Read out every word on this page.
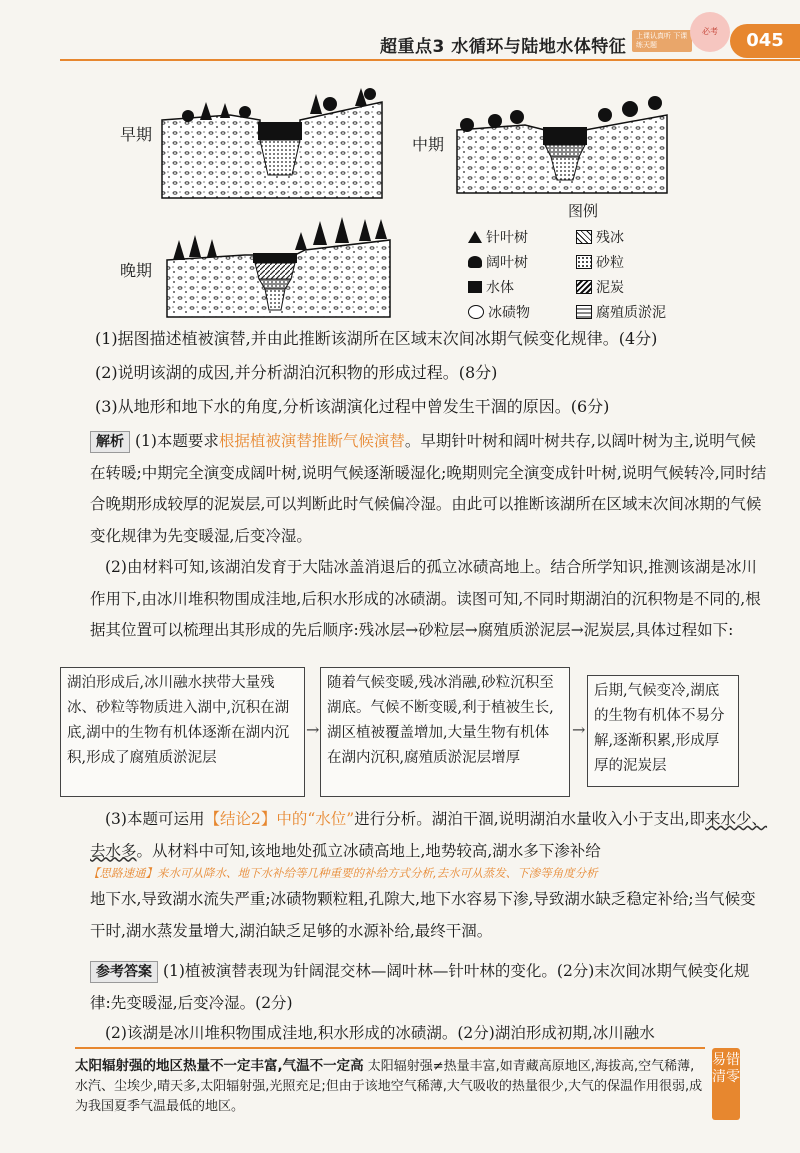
超重点3 水循环与陆地水体特征
上课认真听 下课练天题
必考	045
早期
中期
晚期
图例
针叶树	残冰
阔叶树	砂粒
水体	泥炭
冰碛物	腐殖质淤泥
(1)据图描述植被演替,并由此推断该湖所在区域末次间冰期气候变化规律。(4分)
(2)说明该湖的成因,并分析湖泊沉积物的形成过程。(8分)
(3)从地形和地下水的角度,分析该湖演化过程中曾发生干涸的原因。(6分)
解析 (1)本题要求根据植被演替推断气候演替。早期针叶树和阔叶树共存,以阔叶树为主,说明气候在转暖;中期完全演变成阔叶树,说明气候逐渐暖湿化;晚期则完全演变成针叶树,说明气候转冷,同时结合晚期形成较厚的泥炭层,可以判断此时气候偏冷湿。由此可以推断该湖所在区域末次间冰期的气候变化规律为先变暖湿,后变冷湿。
(2)由材料可知,该湖泊发育于大陆冰盖消退后的孤立冰碛高地上。结合所学知识,推测该湖是冰川作用下,由冰川堆积物围成洼地,后积水形成的冰碛湖。读图可知,不同时期湖泊的沉积物是不同的,根据其位置可以梳理出其形成的先后顺序:残冰层→砂粒层→腐殖质淤泥层→泥炭层,具体过程如下:
湖泊形成后,冰川融水挟带大量残冰、砂粒等物质进入湖中,沉积在湖底,湖中的生物有机体逐渐在湖内沉积,形成了腐殖质淤泥层
→
随着气候变暖,残冰消融,砂粒沉积至湖底。气候不断变暖,利于植被生长,湖区植被覆盖增加,大量生物有机体在湖内沉积,腐殖质淤泥层增厚
→
后期,气候变冷,湖底的生物有机体不易分解,逐渐积累,形成厚厚的泥炭层
(3)本题可运用【结论2】中的“水位”进行分析。湖泊干涸,说明湖泊水量收入小于支出,即来水少、去水多。从材料中可知,该地地处孤立冰碛高地上,地势较高,湖水多下渗补给
【思路速通】来水可从降水、地下水补给等几种重要的补给方式分析,去水可从蒸发、下渗等角度分析
地下水,导致湖水流失严重;冰碛物颗粒粗,孔隙大,地下水容易下渗,导致湖水缺乏稳定补给;当气候变干时,湖水蒸发量增大,湖泊缺乏足够的水源补给,最终干涸。
参考答案 (1)植被演替表现为针阔混交林—阔叶林—针叶林的变化。(2分)末次间冰期气候变化规律:先变暖湿,后变冷湿。(2分)
(2)该湖是冰川堆积物围成洼地,积水形成的冰碛湖。(2分)湖泊形成初期,冰川融水
太阳辐射强的地区热量不一定丰富,气温不一定高 太阳辐射强≠热量丰富,如青藏高原地区,海拔高,空气稀薄,水汽、尘埃少,晴天多,太阳辐射强,光照充足;但由于该地空气稀薄,大气吸收的热量很少,大气的保温作用很弱,成为我国夏季气温最低的地区。
易错清零
